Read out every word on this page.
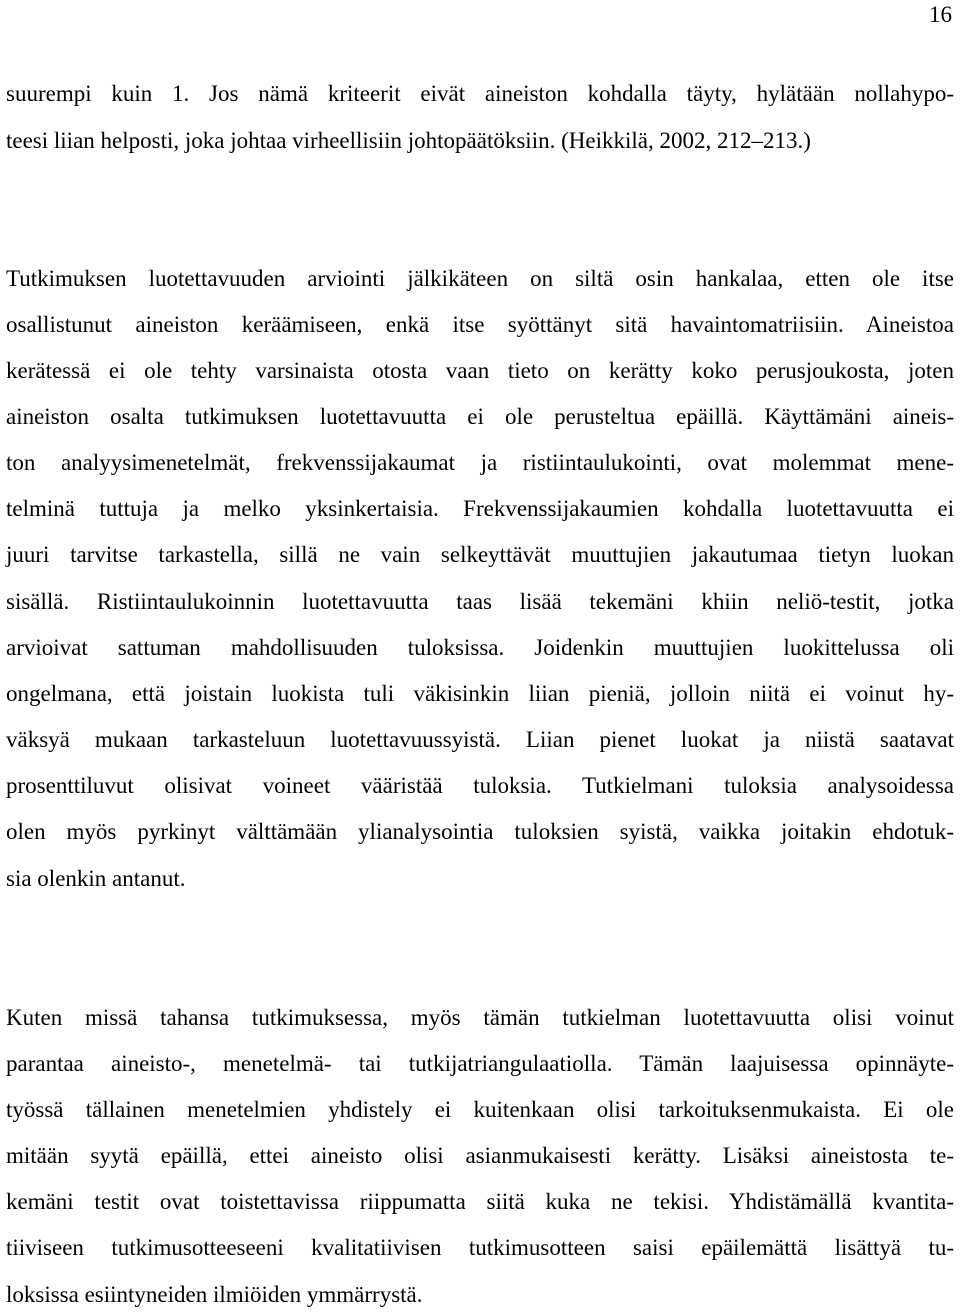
16
suurempi kuin 1. Jos nämä kriteerit eivät aineiston kohdalla täyty, hylätään nollahypo-
teesi liian helposti, joka johtaa virheellisiin johtopäätöksiin. (Heikkilä, 2002, 212–213.)
Tutkimuksen luotettavuuden arviointi jälkikäteen on siltä osin hankalaa, etten ole itse
osallistunut aineiston keräämiseen, enkä itse syöttänyt sitä havaintomatriisiin. Aineistoa
kerätessä ei ole tehty varsinaista otosta vaan tieto on kerätty koko perusjoukosta, joten
aineiston osalta tutkimuksen luotettavuutta ei ole perusteltua epäillä. Käyttämäni aineis-
ton analyysimenetelmät, frekvenssijakaumat ja ristiintaulukointi, ovat molemmat mene-
telminä tuttuja ja melko yksinkertaisia. Frekvenssijakaumien kohdalla luotettavuutta ei
juuri tarvitse tarkastella, sillä ne vain selkeyttävät muuttujien jakautumaa tietyn luokan
sisällä. Ristiintaulukoinnin luotettavuutta taas lisää tekemäni khiin neliö-testit, jotka
arvioivat sattuman mahdollisuuden tuloksissa. Joidenkin muuttujien luokittelussa oli
ongelmana, että joistain luokista tuli väkisinkin liian pieniä, jolloin niitä ei voinut hy-
väksyä mukaan tarkasteluun luotettavuussyistä. Liian pienet luokat ja niistä saatavat
prosenttiluvut olisivat voineet vääristää tuloksia. Tutkielmani tuloksia analysoidessa
olen myös pyrkinyt välttämään ylianalysointia tuloksien syistä, vaikka joitakin ehdotuk-
sia olenkin antanut.
Kuten missä tahansa tutkimuksessa, myös tämän tutkielman luotettavuutta olisi voinut
parantaa aineisto-, menetelmä- tai tutkijatriangulaatiolla. Tämän laajuisessa opinnäyte-
työssä tällainen menetelmien yhdistely ei kuitenkaan olisi tarkoituksenmukaista. Ei ole
mitään syytä epäillä, ettei aineisto olisi asianmukaisesti kerätty. Lisäksi aineistosta te-
kemäni testit ovat toistettavissa riippumatta siitä kuka ne tekisi. Yhdistämällä kvantita-
tiiviseen tutkimusotteeseeni kvalitatiivisen tutkimusotteen saisi epäilemättä lisättyä tu-
loksissa esiintyneiden ilmiöiden ymmärrystä.
